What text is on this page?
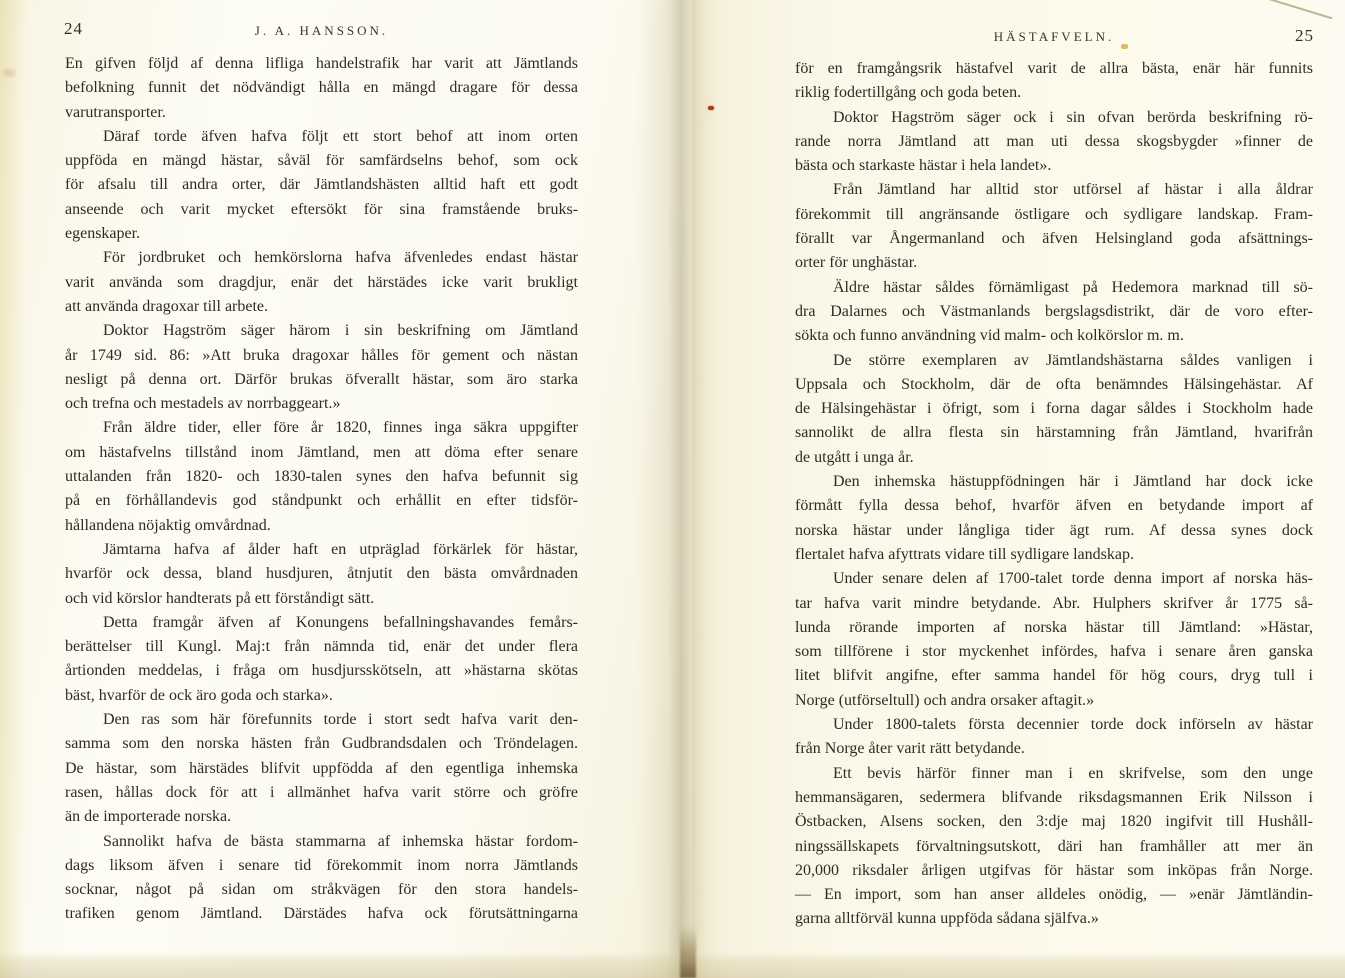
24	J. A. HANSSON.
En gifven följd af denna lifliga handelstrafik har varit att Jämtlands
befolkning funnit det nödvändigt hålla en mängd dragare för dessa
varutransporter.
Däraf torde äfven hafva följt ett stort behof att inom orten
uppföda en mängd hästar, såväl för samfärdselns behof, som ock
för afsalu till andra orter, där Jämtlandshästen alltid haft ett godt
anseende och varit mycket eftersökt för sina framstående bruks-
egenskaper.
För jordbruket och hemkörslorna hafva äfvenledes endast hästar
varit använda som dragdjur, enär det härstädes icke varit brukligt
att använda dragoxar till arbete.
Doktor Hagström säger härom i sin beskrifning om Jämtland
år 1749 sid. 86: »Att bruka dragoxar hålles för gement och nästan
nesligt på denna ort. Därför brukas öfverallt hästar, som äro starka
och trefna och mestadels av norrbaggeart.»
Från äldre tider, eller före år 1820, finnes inga säkra uppgifter
om hästafvelns tillstånd inom Jämtland, men att döma efter senare
uttalanden från 1820- och 1830-talen synes den hafva befunnit sig
på en förhållandevis god ståndpunkt och erhållit en efter tidsför-
hållandena nöjaktig omvårdnad.
Jämtarna hafva af ålder haft en utpräglad förkärlek för hästar,
hvarför ock dessa, bland husdjuren, åtnjutit den bästa omvårdnaden
och vid körslor handterats på ett förståndigt sätt.
Detta framgår äfven af Konungens befallningshavandes femårs-
berättelser till Kungl. Maj:t från nämnda tid, enär det under flera
årtionden meddelas, i fråga om husdjursskötseln, att »hästarna skötas
bäst, hvarför de ock äro goda och starka».
Den ras som här förefunnits torde i stort sedt hafva varit den-
samma som den norska hästen från Gudbrandsdalen och Tröndelagen.
De hästar, som härstädes blifvit uppfödda af den egentliga inhemska
rasen, hållas dock för att i allmänhet hafva varit större och gröfre
än de importerade norska.
Sannolikt hafva de bästa stammarna af inhemska hästar fordom-
dags liksom äfven i senare tid förekommit inom norra Jämtlands
socknar, något på sidan om stråkvägen för den stora handels-
trafiken genom Jämtland. Därstädes hafva ock förutsättningarna
HÄSTAFVELN.	25
för en framgångsrik hästafvel varit de allra bästa, enär här funnits
riklig fodertillgång och goda beten.
Doktor Hagström säger ock i sin ofvan berörda beskrifning rö-
rande norra Jämtland att man uti dessa skogsbygder »finner de
bästa och starkaste hästar i hela landet».
Från Jämtland har alltid stor utförsel af hästar i alla åldrar
förekommit till angränsande östligare och sydligare landskap. Fram-
förallt var Ångermanland och äfven Helsingland goda afsättnings-
orter för unghästar.
Äldre hästar såldes förnämligast på Hedemora marknad till sö-
dra Dalarnes och Västmanlands bergslagsdistrikt, där de voro efter-
sökta och funno användning vid malm- och kolkörslor m. m.
De större exemplaren av Jämtlandshästarna såldes vanligen i
Uppsala och Stockholm, där de ofta benämndes Hälsingehästar. Af
de Hälsingehästar i öfrigt, som i forna dagar såldes i Stockholm hade
sannolikt de allra flesta sin härstamning från Jämtland, hvarifrån
de utgått i unga år.
Den inhemska hästuppfödningen här i Jämtland har dock icke
förmått fylla dessa behof, hvarför äfven en betydande import af
norska hästar under långliga tider ägt rum. Af dessa synes dock
flertalet hafva afyttrats vidare till sydligare landskap.
Under senare delen af 1700-talet torde denna import af norska häs-
tar hafva varit mindre betydande. Abr. Hulphers skrifver år 1775 så-
lunda rörande importen af norska hästar till Jämtland: »Hästar,
som tillförene i stor myckenhet infördes, hafva i senare åren ganska
litet blifvit angifne, efter samma handel för hög cours, dryg tull i
Norge (utförseltull) och andra orsaker aftagit.»
Under 1800-talets första decennier torde dock införseln av hästar
från Norge åter varit rätt betydande.
Ett bevis härför finner man i en skrifvelse, som den unge
hemmansägaren, sedermera blifvande riksdagsmannen Erik Nilsson i
Östbacken, Alsens socken, den 3:dje maj 1820 ingifvit till Hushåll-
ningssällskapets förvaltningsutskott, däri han framhåller att mer än
20,000 riksdaler årligen utgifvas för hästar som inköpas från Norge.
— En import, som han anser alldeles onödig, — »enär Jämtländin-
garna alltförväl kunna uppföda sådana själfva.»
